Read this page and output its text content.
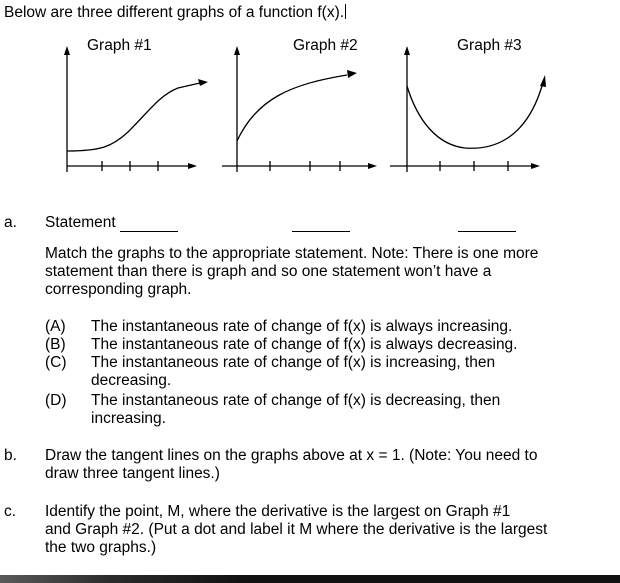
Below are three different graphs of a function f(x).
Graph #1	Graph #2	Graph #3
a. Statement
Match the graphs to the appropriate statement. Note: There is one more
statement than there is graph and so one statement won’t have a
corresponding graph.
(A) The instantaneous rate of change of f(x) is always increasing.
(B) The instantaneous rate of change of f(x) is always decreasing.
(C) The instantaneous rate of change of f(x) is increasing, then
decreasing.
(D) The instantaneous rate of change of f(x) is decreasing, then
increasing.
b. Draw the tangent lines on the graphs above at x = 1. (Note: You need to
draw three tangent lines.)
c. Identify the point, M, where the derivative is the largest on Graph #1
and Graph #2. (Put a dot and label it M where the derivative is the largest
the two graphs.)
